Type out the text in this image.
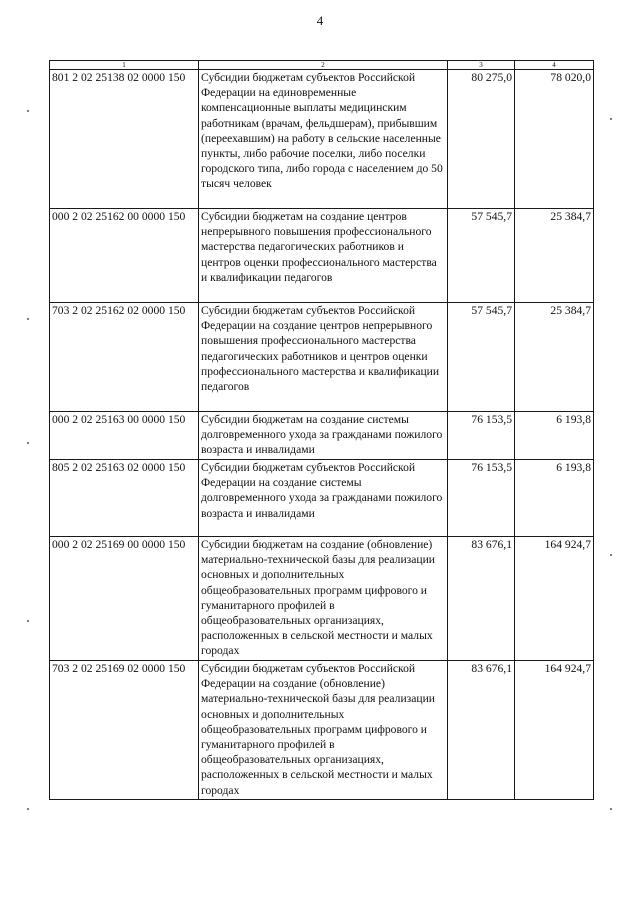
4
1	2	3	4
801 2 02 25138 02 0000 150	Субсидии бюджетам субъектов Российской Федерации на единовременные компенсационные выплаты медицинским работникам (врачам, фельдшерам), прибывшим (переехавшим) на работу в сельские населенные пункты, либо рабочие поселки, либо поселки городского типа, либо города с населением до 50 тысяч человек	80 275,0	78 020,0
000 2 02 25162 00 0000 150	Субсидии бюджетам на создание центров непрерывного повышения профессионального мастерства педагогических работников и центров оценки профессионального мастерства и квалификации педагогов	57 545,7	25 384,7
703 2 02 25162 02 0000 150	Субсидии бюджетам субъектов Российской Федерации на создание центров непрерывного повышения профессионального мастерства педагогических работников и центров оценки профессионального мастерства и квалификации педагогов	57 545,7	25 384,7
000 2 02 25163 00 0000 150	Субсидии бюджетам на создание системы долговременного ухода за гражданами пожилого возраста и инвалидами	76 153,5	6 193,8
805 2 02 25163 02 0000 150	Субсидии бюджетам субъектов Российской Федерации на создание системы долговременного ухода за гражданами пожилого возраста и инвалидами	76 153,5	6 193,8
000 2 02 25169 00 0000 150	Субсидии бюджетам на создание (обновление) материально-технической базы для реализации основных и дополнительных общеобразовательных программ цифрового и гуманитарного профилей в общеобразовательных организациях, расположенных в сельской местности и малых городах	83 676,1	164 924,7
703 2 02 25169 02 0000 150	Субсидии бюджетам субъектов Российской Федерации на создание (обновление) материально-технической базы для реализации основных и дополнительных общеобразовательных программ цифрового и гуманитарного профилей в общеобразовательных организациях, расположенных в сельской местности и малых городах	83 676,1	164 924,7
